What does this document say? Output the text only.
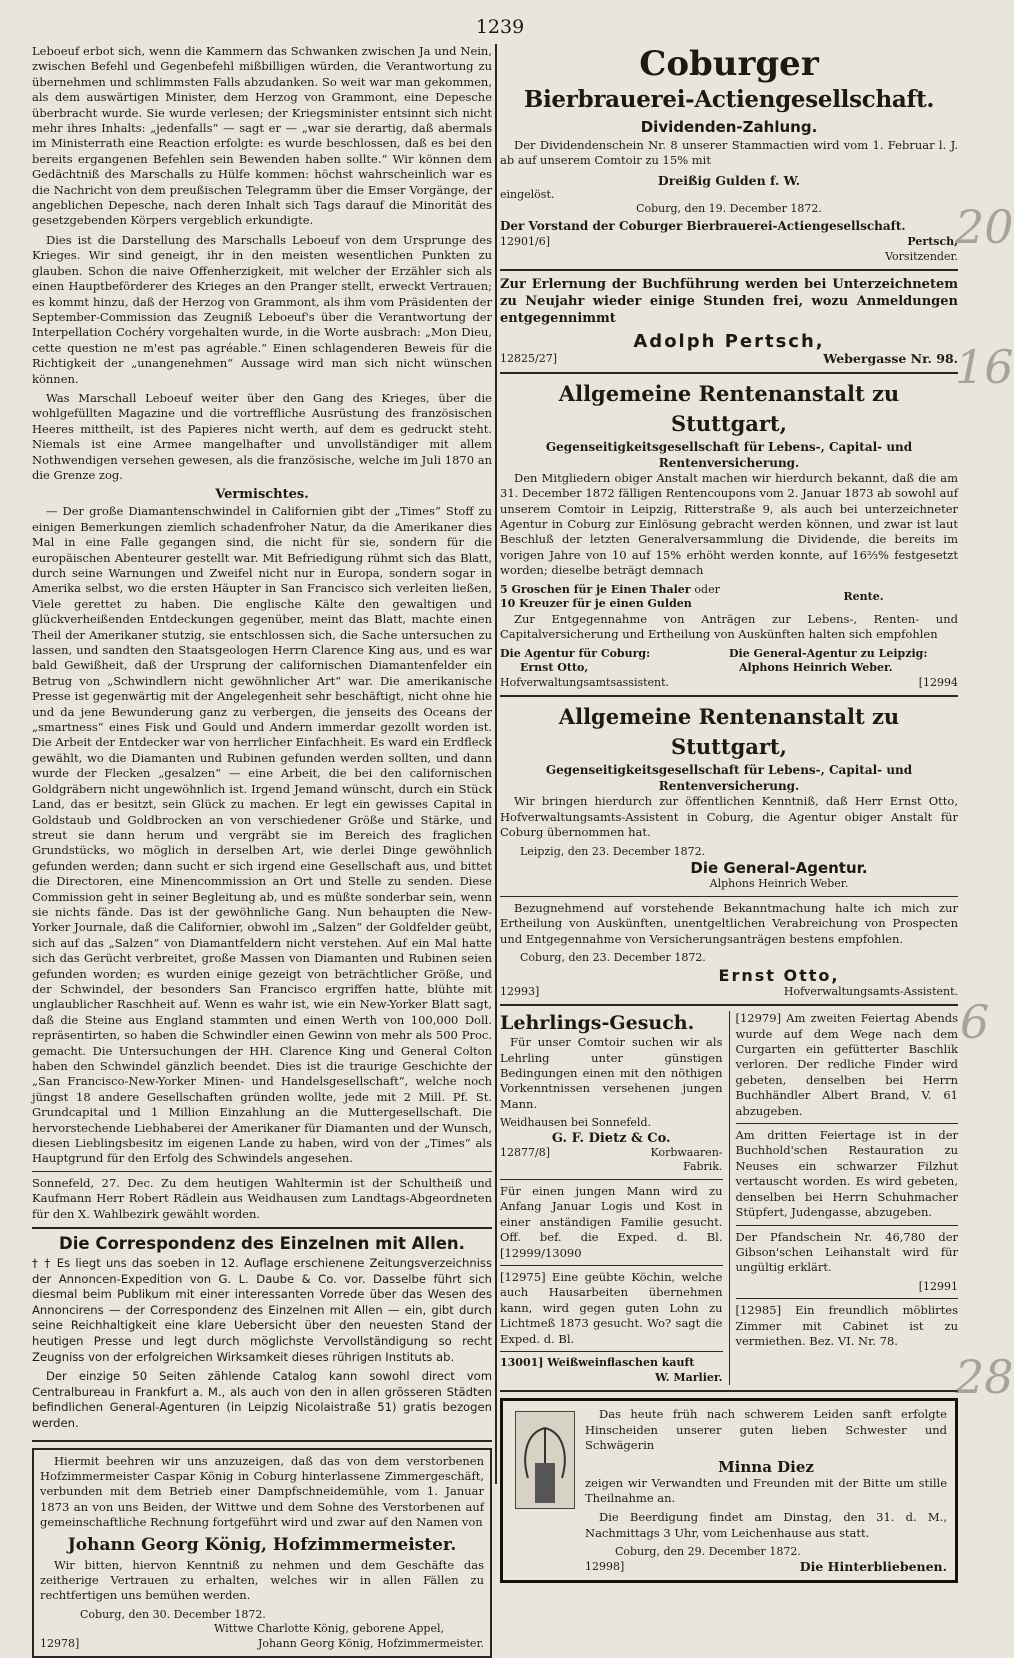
1239

Leboeuf erbot sich, wenn die Kammern das Schwanken zwischen Ja und Nein, zwischen Befehl und Gegenbefehl mißbilligen würden, die Verantwortung zu übernehmen und schlimmsten Falls abzudanken. So weit war man gekommen, als dem auswärtigen Minister, dem Herzog von Grammont, eine Depesche überbracht wurde. Sie wurde verlesen; der Kriegsminister entsinnt sich nicht mehr ihres Inhalts: „jedenfalls“ — sagt er — „war sie derartig, daß abermals im Ministerrath eine Reaction erfolgte: es wurde beschlossen, daß es bei den bereits ergangenen Befehlen sein Bewenden haben sollte.“ Wir können dem Gedächtniß des Marschalls zu Hülfe kommen: höchst wahrscheinlich war es die Nachricht von dem preußischen Telegramm über die Emser Vorgänge, der angeblichen Depesche, nach deren Inhalt sich Tags darauf die Minorität des gesetzgebenden Körpers vergeblich erkundigte.

Dies ist die Darstellung des Marschalls Leboeuf von dem Ursprunge des Krieges. Wir sind geneigt, ihr in den meisten wesentlichen Punkten zu glauben. Schon die naive Offenherzigkeit, mit welcher der Erzähler sich als einen Hauptbeförderer des Krieges an den Pranger stellt, erweckt Vertrauen; es kommt hinzu, daß der Herzog von Grammont, als ihm vom Präsidenten der September-Commission das Zeugniß Leboeuf's über die Verantwortung der Interpellation Cochéry vorgehalten wurde, in die Worte ausbrach: „Mon Dieu, cette question ne m'est pas agréable.“ Einen schlagenderen Beweis für die Richtigkeit der „unangenehmen“ Aussage wird man sich nicht wünschen können.

Was Marschall Leboeuf weiter über den Gang des Krieges, über die wohlgefüllten Magazine und die vortreffliche Ausrüstung des französischen Heeres mittheilt, ist des Papieres nicht werth, auf dem es gedruckt steht. Niemals ist eine Armee mangelhafter und unvollständiger mit allem Nothwendigen versehen gewesen, als die französische, welche im Juli 1870 an die Grenze zog.

Vermischtes.

— Der große Diamantenschwindel in Californien gibt der „Times“ Stoff zu einigen Bemerkungen ziemlich schadenfroher Natur, da die Amerikaner dies Mal in eine Falle gegangen sind, die nicht für sie, sondern für die europäischen Abenteurer gestellt war. Mit Befriedigung rühmt sich das Blatt, durch seine Warnungen und Zweifel nicht nur in Europa, sondern sogar in Amerika selbst, wo die ersten Häupter in San Francisco sich verleiten ließen, Viele gerettet zu haben. Die englische Kälte den gewaltigen und glückverheißenden Entdeckungen gegenüber, meint das Blatt, machte einen Theil der Amerikaner stutzig, sie entschlossen sich, die Sache untersuchen zu lassen, und sandten den Staatsgeologen Herrn Clarence King aus, und es war bald Gewißheit, daß der Ursprung der californischen Diamantenfelder ein Betrug von „Schwindlern nicht gewöhnlicher Art“ war. Die amerikanische Presse ist gegenwärtig mit der Angelegenheit sehr beschäftigt, nicht ohne hie und da jene Bewunderung ganz zu verbergen, die jenseits des Oceans der „smartness“ eines Fisk und Gould und Andern immerdar gezollt worden ist. Die Arbeit der Entdecker war von herrlicher Einfachheit. Es ward ein Erdfleck gewählt, wo die Diamanten und Rubinen gefunden werden sollten, und dann wurde der Flecken „gesalzen“ — eine Arbeit, die bei den californischen Goldgräbern nicht ungewöhnlich ist. Irgend Jemand wünscht, durch ein Stück Land, das er besitzt, sein Glück zu machen. Er legt ein gewisses Capital in Goldstaub und Goldbrocken an von verschiedener Größe und Stärke, und streut sie dann herum und vergräbt sie im Bereich des fraglichen Grundstücks, wo möglich in derselben Art, wie derlei Dinge gewöhnlich gefunden werden; dann sucht er sich irgend eine Gesellschaft aus, und bittet die Directoren, eine Minencommission an Ort und Stelle zu senden. Diese Commission geht in seiner Begleitung ab, und es müßte sonderbar sein, wenn sie nichts fände. Das ist der gewöhnliche Gang. Nun behaupten die New-Yorker Journale, daß die Californier, obwohl im „Salzen“ der Goldfelder geübt, sich auf das „Salzen“ von Diamantfeldern nicht verstehen. Auf ein Mal hatte sich das Gerücht verbreitet, große Massen von Diamanten und Rubinen seien gefunden worden; es wurden einige gezeigt von beträchtlicher Größe, und der Schwindel, der besonders San Francisco ergriffen hatte, blühte mit unglaublicher Raschheit auf. Wenn es wahr ist, wie ein New-Yorker Blatt sagt, daß die Steine aus England stammten und einen Werth von 100,000 Doll. repräsentirten, so haben die Schwindler einen Gewinn von mehr als 500 Proc. gemacht. Die Untersuchungen der HH. Clarence King und General Colton haben den Schwindel gänzlich beendet. Dies ist die traurige Geschichte der „San Francisco-New-Yorker Minen- und Handelsgesellschaft“, welche noch jüngst 18 andere Gesellschaften gründen wollte, jede mit 2 Mill. Pf. St. Grundcapital und 1 Million Einzahlung an die Muttergesellschaft. Die hervorstechende Liebhaberei der Amerikaner für Diamanten und der Wunsch, diesen Lieblingsbesitz im eigenen Lande zu haben, wird von der „Times“ als Hauptgrund für den Erfolg des Schwindels angesehen.

Sonnefeld, 27. Dec. Zu dem heutigen Wahltermin ist der Schultheiß und Kaufmann Herr Robert Rädlein aus Weidhausen zum Landtags-Abgeordneten für den X. Wahlbezirk gewählt worden.

Die Correspondenz des Einzelnen mit Allen.

† † Es liegt uns das soeben in 12. Auflage erschienene Zeitungsverzeichniss der Annoncen-Expedition von G. L. Daube & Co. vor. Dasselbe führt sich diesmal beim Publikum mit einer interessanten Vorrede über das Wesen des Annoncirens — der Correspondenz des Einzelnen mit Allen — ein, gibt durch seine Reichhaltigkeit eine klare Uebersicht über den neuesten Stand der heutigen Presse und legt durch möglichste Vervollständigung so recht Zeugniss von der erfolgreichen Wirksamkeit dieses rührigen Instituts ab.

Der einzige 50 Seiten zählende Catalog kann sowohl direct vom Centralbureau in Frankfurt a. M., als auch von den in allen grösseren Städten befindlichen General-Agenturen (in Leipzig Nicolaistraße 51) gratis bezogen werden.

Hiermit beehren wir uns anzuzeigen, daß das von dem verstorbenen Hofzimmermeister Caspar König in Coburg hinterlassene Zimmergeschäft, verbunden mit dem Betrieb einer Dampfschneidemühle, vom 1. Januar 1873 an von uns Beiden, der Wittwe und dem Sohne des Verstorbenen auf gemeinschaftliche Rechnung fortgeführt wird und zwar auf den Namen von

Johann Georg König, Hofzimmermeister.

Wir bitten, hiervon Kenntniß zu nehmen und dem Geschäfte das zeitherige Vertrauen zu erhalten, welches wir in allen Fällen zu rechtfertigen uns bemühen werden.

Coburg, den 30. December 1872.
Wittwe Charlotte König, geborene Appel,
12978]	Johann Georg König, Hofzimmermeister.
Coburger
Bierbrauerei-Actiengesellschaft.
Dividenden-Zahlung.

Der Dividendenschein Nr. 8 unserer Stammactien wird vom 1. Februar l. J. ab auf unserem Comtoir zu 15% mit

Dreißig Gulden f. W.
eingelöst.
Coburg, den 19. December 1872.
Der Vorstand der Coburger Bierbrauerei-Actiengesellschaft.
12901/6]	Pertsch,
Vorsitzender.

Zur Erlernung der Buchführung werden bei Unterzeichnetem zu Neujahr wieder einige Stunden frei, wozu Anmeldungen entgegennimmt

Adolph Pertsch,
12825/27]	Webergasse Nr. 98.
Allgemeine Rentenanstalt zu Stuttgart,
Gegenseitigkeitsgesellschaft für Lebens-, Capital- und Rentenversicherung.

Den Mitgliedern obiger Anstalt machen wir hierdurch bekannt, daß die am 31. December 1872 fälligen Rentencoupons vom 2. Januar 1873 ab sowohl auf unserem Comtoir in Leipzig, Ritterstraße 9, als auch bei unterzeichneter Agentur in Coburg zur Einlösung gebracht werden können, und zwar ist laut Beschluß der letzten Generalversammlung die Dividende, die bereits im vorigen Jahre von 10 auf 15% erhöht werden konnte, auf 16⅔% festgesetzt worden; dieselbe beträgt demnach

5 Groschen für je Einen Thaler oder
10 Kreuzer für je einen Gulden
Rente.

Zur Entgegennahme von Anträgen zur Lebens-, Renten- und Capitalversicherung und Ertheilung von Auskünften halten sich empfohlen

Die Agentur für Coburg:	Die General-Agentur zu Leipzig:
Ernst Otto,	Alphons Heinrich Weber.
Hofverwaltungsamtsassistent.	[12994
Allgemeine Rentenanstalt zu Stuttgart,
Gegenseitigkeitsgesellschaft für Lebens-, Capital- und Rentenversicherung.

Wir bringen hierdurch zur öffentlichen Kenntniß, daß Herr Ernst Otto, Hofverwaltungsamts-Assistent in Coburg, die Agentur obiger Anstalt für Coburg übernommen hat.

Leipzig, den 23. December 1872.
Die General-Agentur.
Alphons Heinrich Weber.

Bezugnehmend auf vorstehende Bekanntmachung halte ich mich zur Ertheilung von Auskünften, unentgeltlichen Verabreichung von Prospecten und Entgegennahme von Versicherungsanträgen bestens empfohlen.

Coburg, den 23. December 1872.
Ernst Otto,
12993]	Hofverwaltungsamts-Assistent.
Lehrlings-Gesuch.

Für unser Comtoir suchen wir als Lehrling unter günstigen Bedingungen einen mit den nöthigen Vorkenntnissen versehenen jungen Mann.

Weidhausen bei Sonnefeld.
G. F. Dietz & Co.
12877/8]	Korbwaaren-Fabrik.

Für einen jungen Mann wird zu Anfang Januar Logis und Kost in einer anständigen Familie gesucht. Off. bef. die Exped. d. Bl. [12999/13090

[12975] Eine geübte Köchin, welche auch Hausarbeiten übernehmen kann, wird gegen guten Lohn zu Lichtmeß 1873 gesucht. Wo? sagt die Exped. d. Bl.

13001] Weißweinflaschen kauft
W. Marlier.

[12979] Am zweiten Feiertag Abends wurde auf dem Wege nach dem Curgarten ein gefütterter Baschlik verloren. Der redliche Finder wird gebeten, denselben bei Herrn Buchhändler Albert Brand, V. 61 abzugeben.

Am dritten Feiertage ist in der Buchhold'schen Restauration zu Neuses ein schwarzer Filzhut vertauscht worden. Es wird gebeten, denselben bei Herrn Schuhmacher Stüpfert, Judengasse, abzugeben.

Der Pfandschein Nr. 46,780 der Gibson'schen Leihanstalt wird für ungültig erklärt.

[12991

[12985] Ein freundlich möblirtes Zimmer mit Cabinet ist zu vermiethen. Bez. VI. Nr. 78.

Das heute früh nach schwerem Leiden sanft erfolgte Hinscheiden unserer guten lieben Schwester und Schwägerin

Minna Diez

zeigen wir Verwandten und Freunden mit der Bitte um stille Theilnahme an.

Die Beerdigung findet am Dinstag, den 31. d. M., Nachmittags 3 Uhr, vom Leichenhause aus statt.

Coburg, den 29. December 1872.
12998]	Die Hinterbliebenen.
20
16
6
28
